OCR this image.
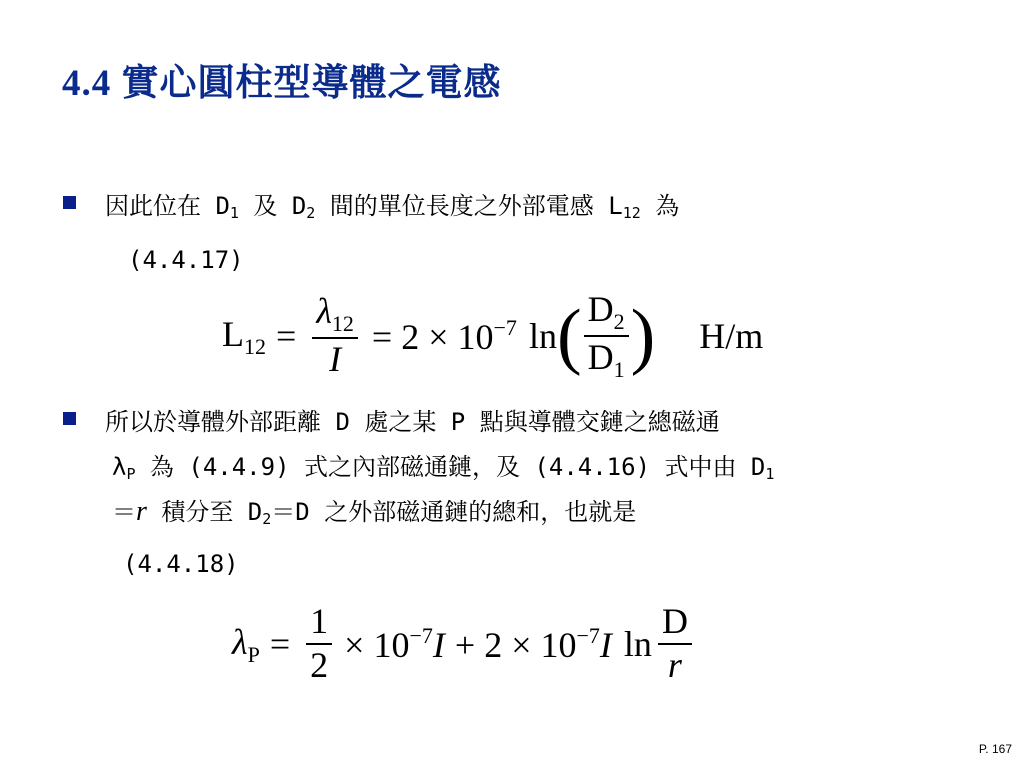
4.4 實心圓柱型導體之電感
因此位在 $D_1$ 及 $D_2$ 間的單位長度之外部電感 $L_{12}$ 為
(4.4.17)
$L_{12} = \frac{\lambda_{12}}{I} = 2 \times 10^{-7}$ ln ( $\frac{D_2}{D_1}$ ) H/m
所以於導體外部距離 D 處之某 P 點與導體交鏈之總磁通
$\lambda_P$ 為 (4.4.9) 式之內部磁通鏈，及 (4.4.16) 式中由 $D_1$
＝r 積分至 $D_2=D$ 之外部磁通鏈的總和，也就是
(4.4.18)
$\lambda_P = \frac{1}{2} \times 10^{-7}I + 2 \times 10^{-7}I$ $\ln \frac{D}{r}$
P. 167
